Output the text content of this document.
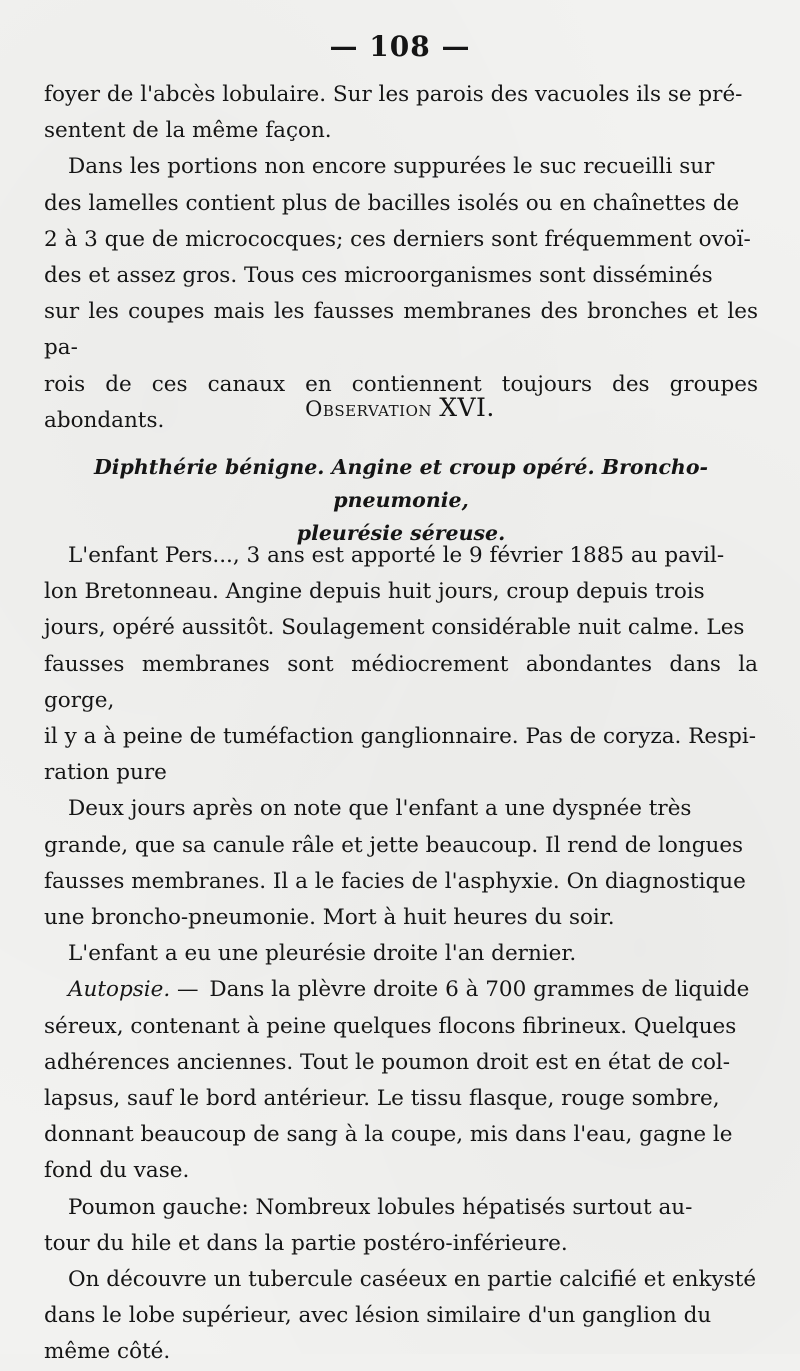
— 108 —

foyer de l'abcès lobulaire. Sur les parois des vacuoles ils se pré-
sentent de la même façon.

Dans les portions non encore suppurées le suc recueilli sur
des lamelles contient plus de bacilles isolés ou en chaînettes de
2 à 3 que de micrococques; ces derniers sont fréquemment ovoï-
des et assez gros. Tous ces microorganismes sont disséminés
sur les coupes mais les fausses membranes des bronches et les pa-
rois de ces canaux en contiennent toujours des groupes abondants.	Observation XVI.
Diphthérie bénigne. Angine et croup opéré. Broncho-pneumonie,
pleurésie séreuse.

L'enfant Pers..., 3 ans est apporté le 9 février 1885 au pavil-
lon Bretonneau. Angine depuis huit jours, croup depuis trois
jours, opéré aussitôt. Soulagement considérable nuit calme. Les
fausses membranes sont médiocrement abondantes dans la gorge,
il y a à peine de tuméfaction ganglionnaire. Pas de coryza. Respi-
ration pure

Deux jours après on note que l'enfant a une dyspnée très
grande, que sa canule râle et jette beaucoup. Il rend de longues
fausses membranes. Il a le facies de l'asphyxie. On diagnostique
une broncho-pneumonie. Mort à huit heures du soir.

L'enfant a eu une pleurésie droite l'an dernier.

Autopsie. — Dans la plèvre droite 6 à 700 grammes de liquide
séreux, contenant à peine quelques flocons fibrineux. Quelques
adhérences anciennes. Tout le poumon droit est en état de col-
lapsus, sauf le bord antérieur. Le tissu flasque, rouge sombre,
donnant beaucoup de sang à la coupe, mis dans l'eau, gagne le
fond du vase.

Poumon gauche: Nombreux lobules hépatisés surtout au-
tour du hile et dans la partie postéro-inférieure.

On découvre un tubercule caséeux en partie calcifié et enkysté
dans le lobe supérieur, avec lésion similaire d'un ganglion du
même côté.
